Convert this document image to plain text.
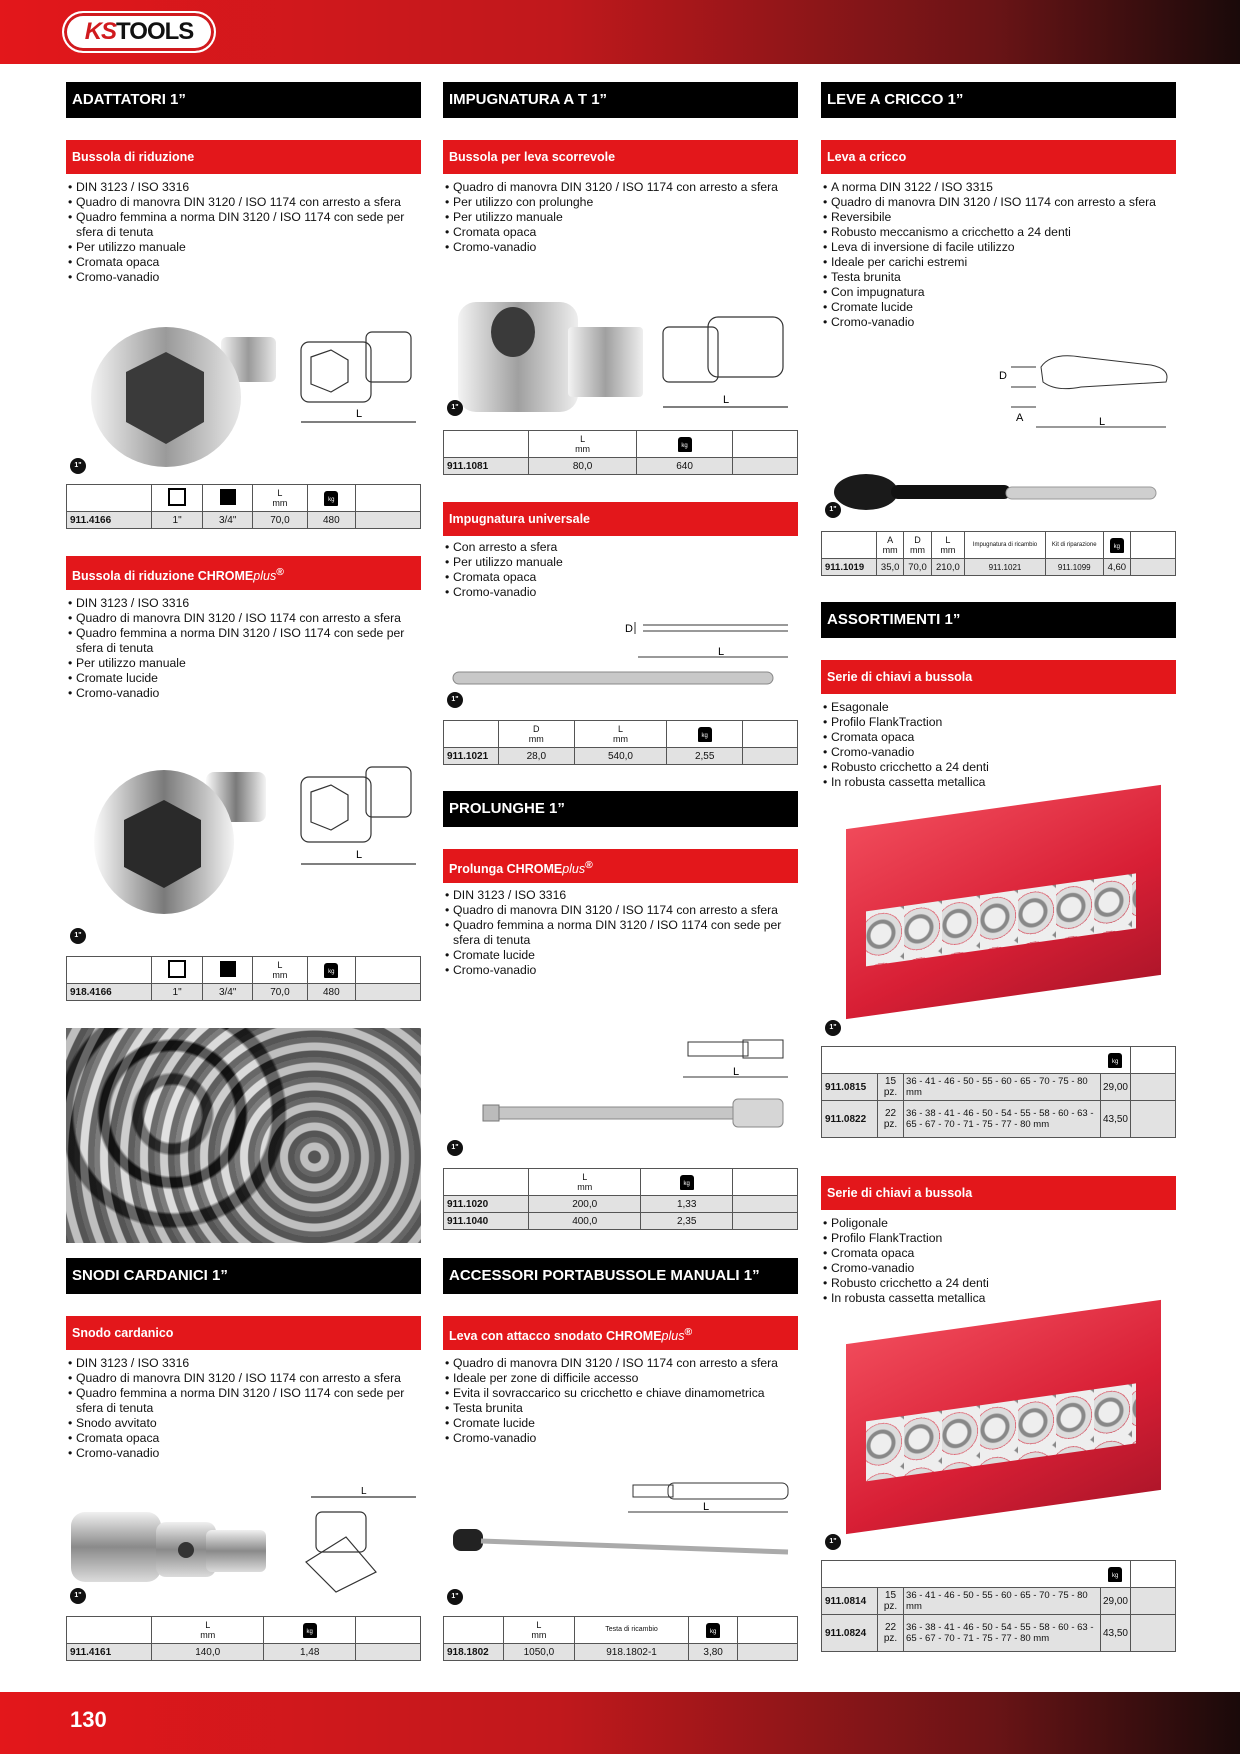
KS TOOLS
ADATTATORI 1”
Bussola di riduzione
• DIN 3123 / ISO 3316
• Quadro di manovra DIN 3120 / ISO 1174 con arresto a sfera
• Quadro femmina a norma DIN 3120 / ISO 1174 con sede per sfera di tenuta
• Per utilizzo manuale
• Cromata opaca
• Cromo-vanadio
L
1"
			L
mm	kg	
911.4166	1"	3/4"	70,0	480	
Bussola di riduzione CHROMEplus®
• DIN 3123 / ISO 3316
• Quadro di manovra DIN 3120 / ISO 1174 con arresto a sfera
• Quadro femmina a norma DIN 3120 / ISO 1174 con sede per sfera di tenuta
• Per utilizzo manuale
• Cromate lucide
• Cromo-vanadio
L
1"
			L
mm	kg	
918.4166	1"	3/4"	70,0	480	
SNODI CARDANICI 1”
Snodo cardanico
• DIN 3123 / ISO 3316
• Quadro di manovra DIN 3120 / ISO 1174 con arresto a sfera
• Quadro femmina a norma DIN 3120 / ISO 1174 con sede per sfera di tenuta
• Snodo avvitato
• Cromata opaca
• Cromo-vanadio
L
1"
	L
mm	kg	
911.4161	140,0	1,48	
IMPUGNATURA A T 1”
Bussola per leva scorrevole
• Quadro di manovra DIN 3120 / ISO 1174 con arresto a sfera
• Per utilizzo con prolunghe
• Per utilizzo manuale
• Cromata opaca
• Cromo-vanadio
L
1"
	L
mm	kg	
911.1081	80,0	640	
Impugnatura universale
• Con arresto a sfera
• Per utilizzo manuale
• Cromata opaca
• Cromo-vanadio
D
L
1"
	D
mm	L
mm	kg	
911.1021	28,0	540,0	2,55	
PROLUNGHE 1”
Prolunga CHROMEplus®
• DIN 3123 / ISO 3316
• Quadro di manovra DIN 3120 / ISO 1174 con arresto a sfera
• Quadro femmina a norma DIN 3120 / ISO 1174 con sede per sfera di tenuta
• Cromate lucide
• Cromo-vanadio
L
1"
	L
mm	kg	
911.1020	200,0	1,33	
911.1040	400,0	2,35	
ACCESSORI PORTABUSSOLE MANUALI 1”
Leva con attacco snodato CHROMEplus®
• Quadro di manovra DIN 3120 / ISO 1174 con arresto a sfera
• Ideale per zone di difficile accesso
• Evita il sovraccarico su cricchetto e chiave dinamometrica
• Testa brunita
• Cromate lucide
• Cromo-vanadio
L
1"
	L
mm	Testa di ricambio	kg	
918.1802	1050,0	918.1802-1	3,80	
LEVE A CRICCO 1”
Leva a cricco
• A norma DIN 3122 / ISO 3315
• Quadro di manovra DIN 3120 / ISO 1174 con arresto a sfera
• Reversibile
• Robusto meccanismo a cricchetto a 24 denti
• Leva di inversione di facile utilizzo
• Ideale per carichi estremi
• Testa brunita
• Con impugnatura
• Cromate lucide
• Cromo-vanadio
D
A	L
1"
	A
mm	D
mm	L
mm	Impugnatura di ricambio	Kit di riparazione	kg	
911.1019	35,0	70,0	210,0	911.1021	911.1099	4,60	
ASSORTIMENTI 1”
Serie di chiavi a bussola
• Esagonale
• Profilo FlankTraction
• Cromata opaca
• Cromo-vanadio
• Robusto cricchetto a 24 denti
• In robusta cassetta metallica
1"
			kg	
911.0815	15 pz.	36 - 41 - 46 - 50 - 55 - 60 - 65 - 70 - 75 - 80 mm	29,00	
911.0822	22 pz.	36 - 38 - 41 - 46 - 50 - 54 - 55 - 58 - 60 - 63 - 65 - 67 - 70 - 71 - 75 - 77 - 80 mm	43,50	
Serie di chiavi a bussola
• Poligonale
• Profilo FlankTraction
• Cromata opaca
• Cromo-vanadio
• Robusto cricchetto a 24 denti
• In robusta cassetta metallica
1"
			kg	
911.0814	15 pz.	36 - 41 - 46 - 50 - 55 - 60 - 65 - 70 - 75 - 80 mm	29,00	
911.0824	22 pz.	36 - 38 - 41 - 46 - 50 - 54 - 55 - 58 - 60 - 63 - 65 - 67 - 70 - 71 - 75 - 77 - 80 mm	43,50	
130
